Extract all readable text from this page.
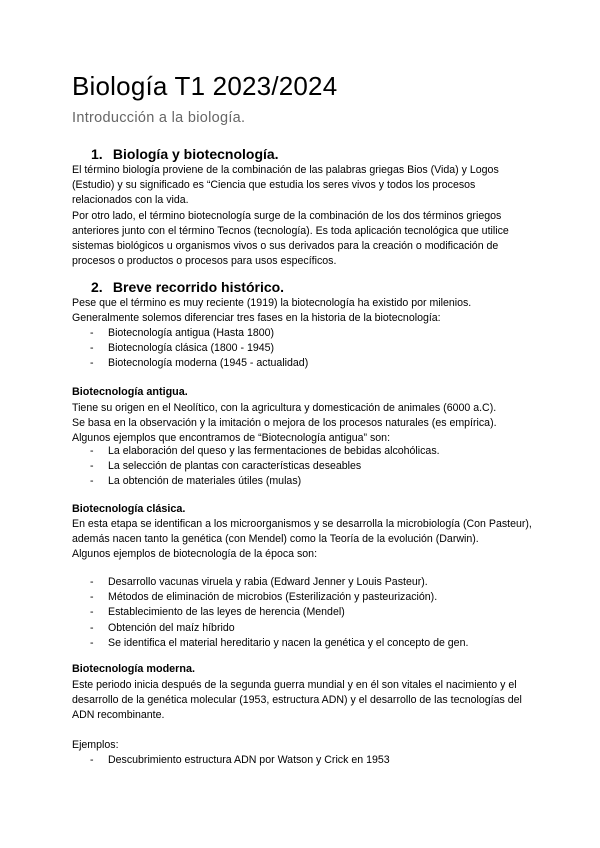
Biología T1 2023/2024
Introducción a la biología.
1. Biología y biotecnología.

El término biología proviene de la combinación de las palabras griegas Bios (Vida) y Logos (Estudio) y su significado es “Ciencia que estudia los seres vivos y todos los procesos relacionados con la vida.

Por otro lado, el término biotecnología surge de la combinación de los dos términos griegos anteriores junto con el término Tecnos (tecnología). Es toda aplicación tecnológica que utilice sistemas biológicos u organismos vivos o sus derivados para la creación o modificación de procesos o productos o procesos para usos específicos.

2. Breve recorrido histórico.

Pese que el término es muy reciente (1919) la biotecnología ha existido por milenios.

Generalmente solemos diferenciar tres fases en la historia de la biotecnología:

- Biotecnología antigua (Hasta 1800)
- Biotecnología clásica (1800 - 1945)
- Biotecnología moderna (1945 - actualidad)
Biotecnología antigua.

Tiene su origen en el Neolítico, con la agricultura y domesticación de animales (6000 a.C).

Se basa en la observación y la imitación o mejora de los procesos naturales (es empírica).

Algunos ejemplos que encontramos de “Biotecnología antigua” son:

- La elaboración del queso y las fermentaciones de bebidas alcohólicas.
- La selección de plantas con características deseables
- La obtención de materiales útiles (mulas)
Biotecnología clásica.

En esta etapa se identifican a los microorganismos y se desarrolla la microbiología (Con Pasteur), además nacen tanto la genética (con Mendel) como la Teoría de la evolución (Darwin).

Algunos ejemplos de biotecnología de la época son:

- Desarrollo vacunas viruela y rabia (Edward Jenner y Louis Pasteur).
- Métodos de eliminación de microbios (Esterilización y pasteurización).
- Establecimiento de las leyes de herencia (Mendel)
- Obtención del maíz híbrido
- Se identifica el material hereditario y nacen la genética y el concepto de gen.
Biotecnología moderna.

Este periodo inicia después de la segunda guerra mundial y en él son vitales el nacimiento y el desarrollo de la genética molecular (1953, estructura ADN) y el desarrollo de las tecnologías del ADN recombinante.

Ejemplos:

- Descubrimiento estructura ADN por Watson y Crick en 1953
